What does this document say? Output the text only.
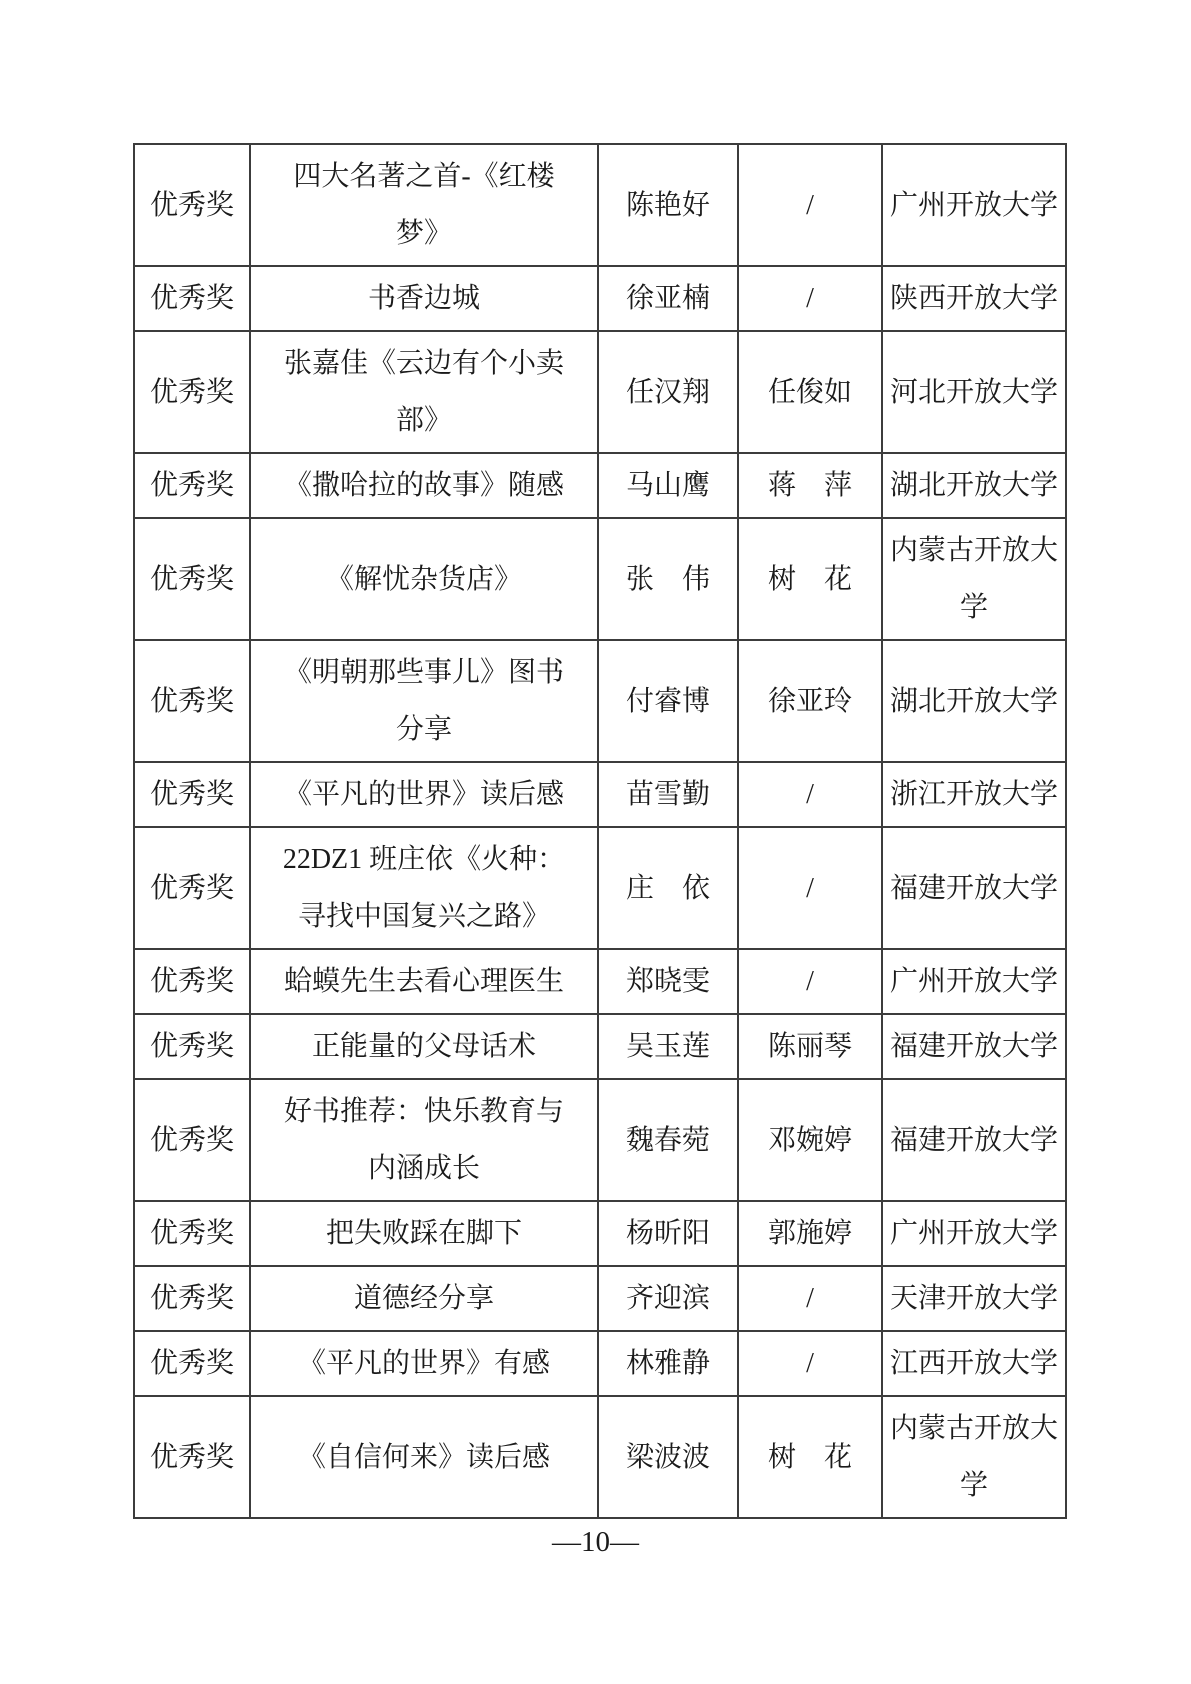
优秀奖	四大名著之首-《红楼梦》	陈艳好	/	广州开放大学
优秀奖	书香边城	徐亚楠	/	陕西开放大学
优秀奖	张嘉佳《云边有个小卖部》	任汉翔	任俊如	河北开放大学
优秀奖	《撒哈拉的故事》随感	马山鹰	蒋　萍	湖北开放大学
优秀奖	《解忧杂货店》	张　伟	树　花	内蒙古开放大学
优秀奖	《明朝那些事儿》图书分享	付睿博	徐亚玲	湖北开放大学
优秀奖	《平凡的世界》读后感	苗雪勤	/	浙江开放大学
优秀奖	22DZ1 班庄依《火种：寻找中国复兴之路》	庄　依	/	福建开放大学
优秀奖	蛤蟆先生去看心理医生	郑晓雯	/	广州开放大学
优秀奖	正能量的父母话术	吴玉莲	陈丽琴	福建开放大学
优秀奖	好书推荐：快乐教育与内涵成长	魏春菀	邓婉婷	福建开放大学
优秀奖	把失败踩在脚下	杨昕阳	郭施婷	广州开放大学
优秀奖	道德经分享	齐迎滨	/	天津开放大学
优秀奖	《平凡的世界》有感	林雅静	/	江西开放大学
优秀奖	《自信何来》读后感	梁波波	树　花	内蒙古开放大学
—10—
